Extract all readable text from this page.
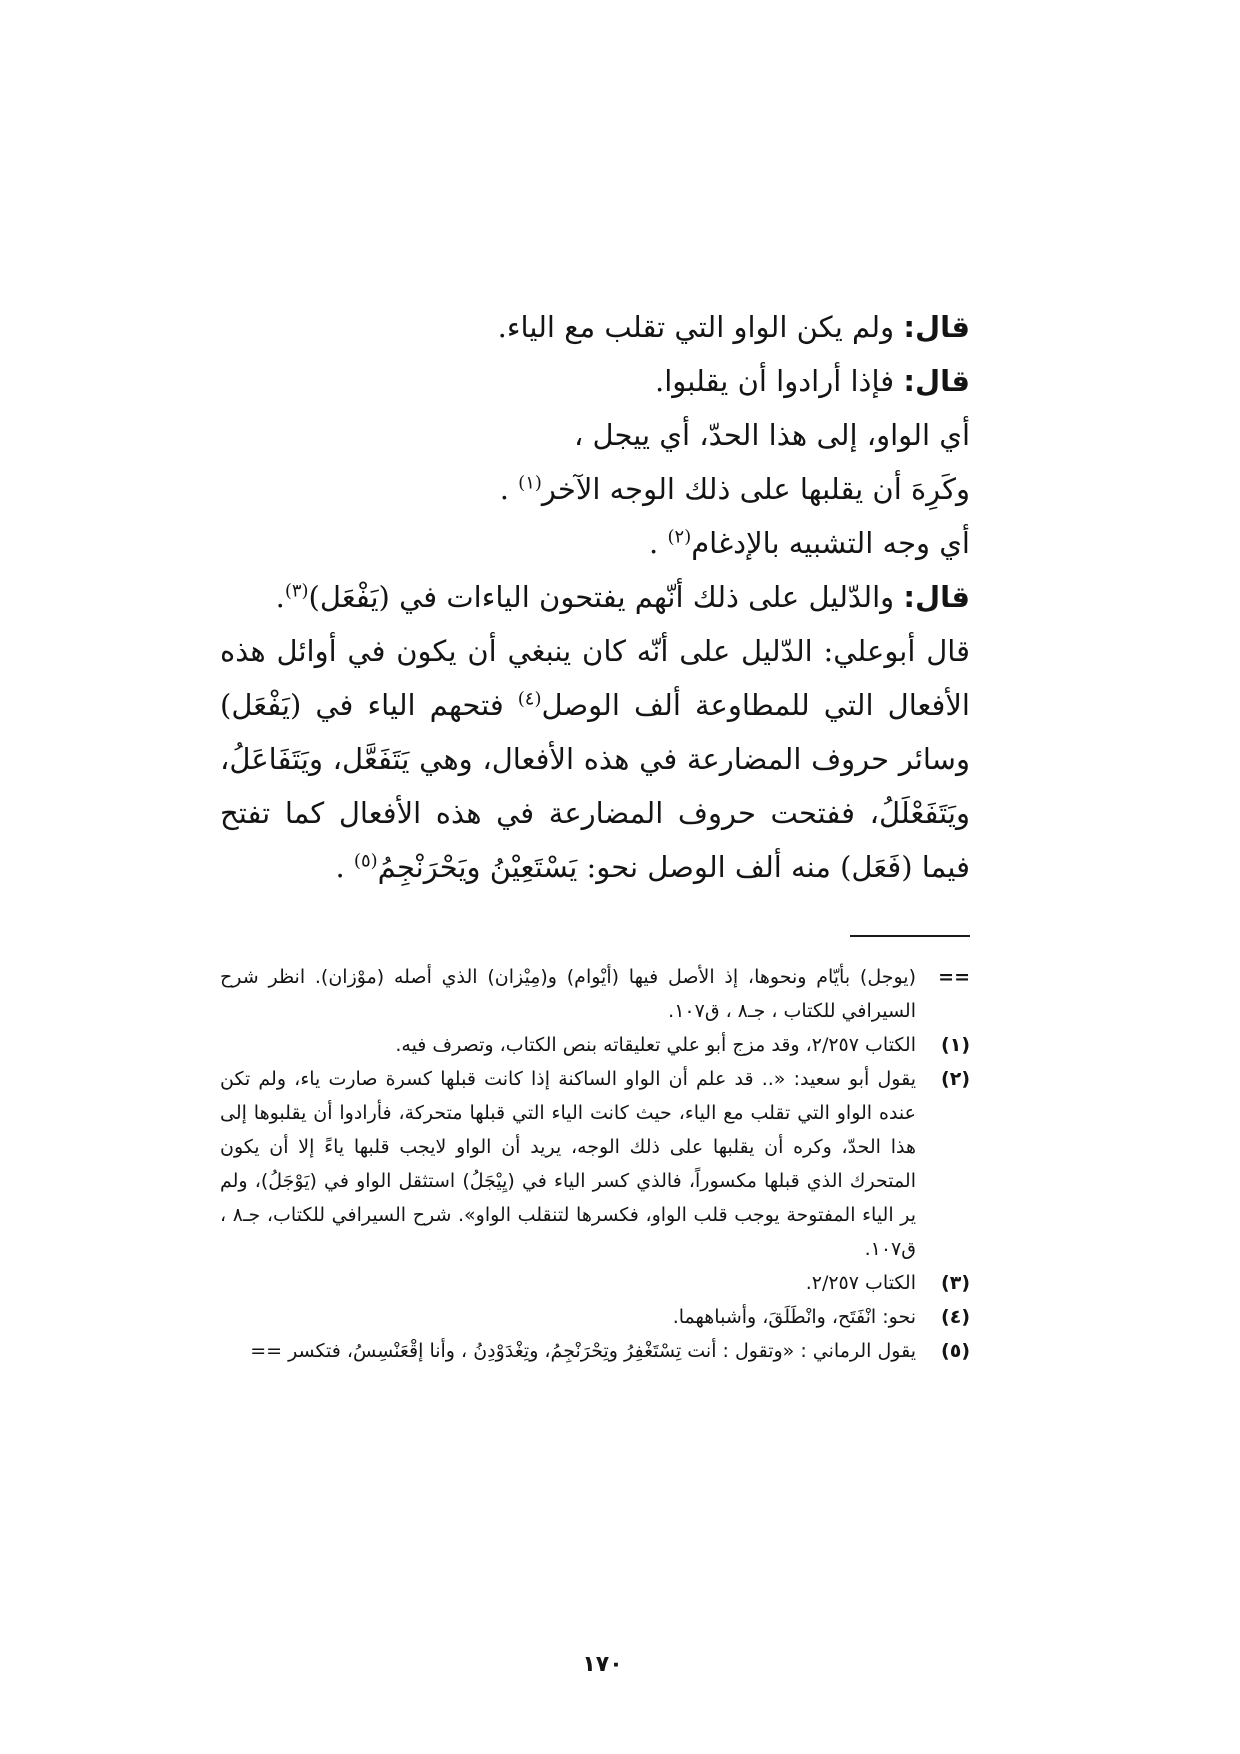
قال: ولم يكن الواو التي تقلب مع الياء.

قال: فإذا أرادوا أن يقلبوا.

أي الواو، إلى هذا الحدّ، أي ييجل ،

وكَرِهَ أن يقلبها على ذلك الوجه الآخر$^{(١)}$ .

أي وجه التشبيه بالإدغام$^{(٢)}$ .

قال: والدّليل على ذلك أنّهم يفتحون الياءات في (يَفْعَل)$^{(٣)}$.

قال أبوعلي: الدّليل على أنّه كان ينبغي أن يكون في أوائل هذه الأفعال التي للمطاوعة ألف الوصل$^{(٤)}$ فتحهم الياء في (يَفْعَل) وسائر حروف المضارعة في هذه الأفعال، وهي يَتَفَعَّل، ويَتَفَاعَلُ، ويَتَفَعْلَلُ، ففتحت حروف المضارعة في هذه الأفعال كما تفتح فيما (فَعَل) منه ألف الوصل نحو: يَسْتَعِيْنُ ويَحْرَنْجِمُ$^{(٥)}$ .

==
(يوجل) بأيّام ونحوها، إذ الأصل فيها (أيْوام) و(مِيْزان) الذي أصله (موْزان). انظر شرح السيرافي للكتاب ، جـ٨ ، ق١٠٧.
(١)
الكتاب ٢/٢٥٧، وقد مزج أبو علي تعليقاته بنص الكتاب، وتصرف فيه.
(٢)
يقول أبو سعيد: «.. قد علم أن الواو الساكنة إذا كانت قبلها كسرة صارت ياء، ولم تكن عنده الواو التي تقلب مع الياء، حيث كانت الياء التي قبلها متحركة، فأرادوا أن يقلبوها إلى هذا الحدّ، وكره أن يقلبها على ذلك الوجه، يريد أن الواو لايجب قلبها ياءً إلا أن يكون المتحرك الذي قبلها مكسوراً، فالذي كسر الياء في (يِيْجَلُ) استثقل الواو في (يَوْجَلُ)، ولم ير الياء المفتوحة يوجب قلب الواو، فكسرها لتنقلب الواو». شرح السيرافي للكتاب، جـ٨ ، ق١٠٧.
(٣)
الكتاب ٢/٢٥٧.
(٤)
نحو: انْفَتَح، وانْطَلَقَ، وأشباههما.
(٥)
يقول الرماني : «وتقول : أنت تِسْتَغْفِرُ وتِحْرَنْجِمُ، وتِغْدَوْدِنُ ، وأنا إقْعَنْسِسُ، فتكسر ==
١٧٠
